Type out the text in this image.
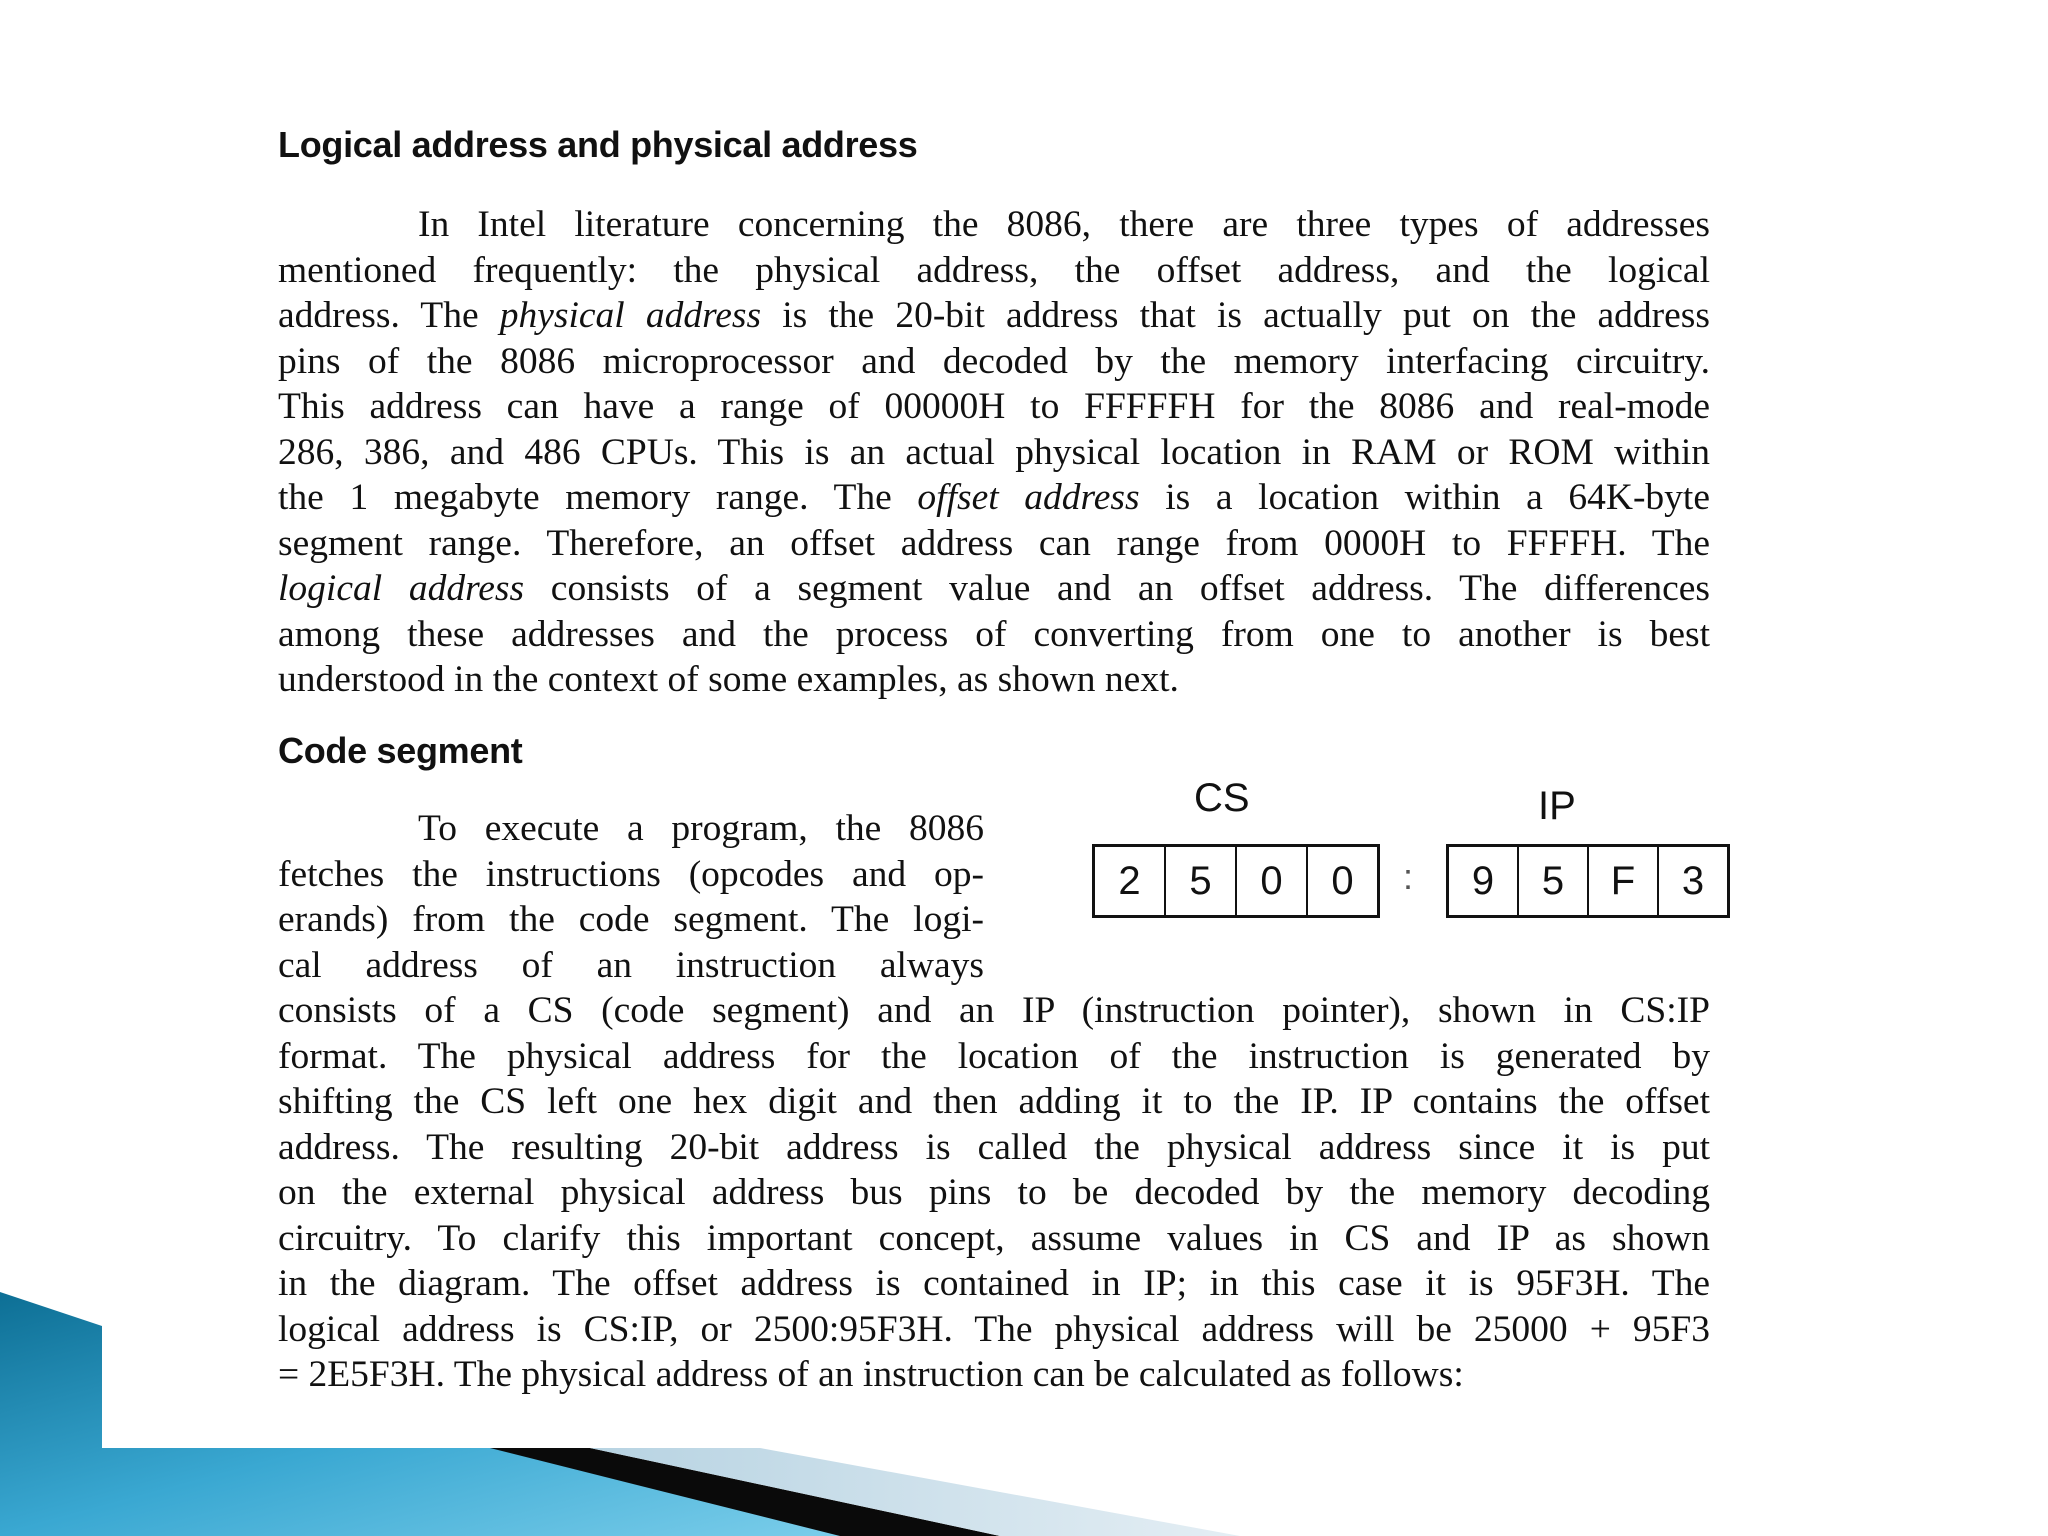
Logical address and physical address
In Intel literature concerning the 8086, there are three types of addresses
mentioned frequently: the physical address, the offset address, and the logical
address. The physical address is the 20-bit address that is actually put on the address
pins of the 8086 microprocessor and decoded by the memory interfacing circuitry.
This address can have a range of 00000H to FFFFFH for the 8086 and real-mode
286, 386, and 486 CPUs. This is an actual physical location in RAM or ROM within
the 1 megabyte memory range. The offset address is a location within a 64K-byte
segment range. Therefore, an offset address can range from 0000H to FFFFH. The
logical address consists of a segment value and an offset address. The differences
among these addresses and the process of converting from one to another is best
understood in the context of some examples, as shown next.
Code segment
To execute a program, the 8086
fetches the instructions (opcodes and op-
erands) from the code segment. The logi-
cal address of an instruction always
CS	IP
2	5	0	0	:	9	5	F	3
consists of a CS (code segment) and an IP (instruction pointer), shown in CS:IP
format. The physical address for the location of the instruction is generated by
shifting the CS left one hex digit and then adding it to the IP. IP contains the offset
address. The resulting 20-bit address is called the physical address since it is put
on the external physical address bus pins to be decoded by the memory decoding
circuitry. To clarify this important concept, assume values in CS and IP as shown
in the diagram. The offset address is contained in IP; in this case it is 95F3H. The
logical address is CS:IP, or 2500:95F3H. The physical address will be 25000 + 95F3
= 2E5F3H. The physical address of an instruction can be calculated as follows:
